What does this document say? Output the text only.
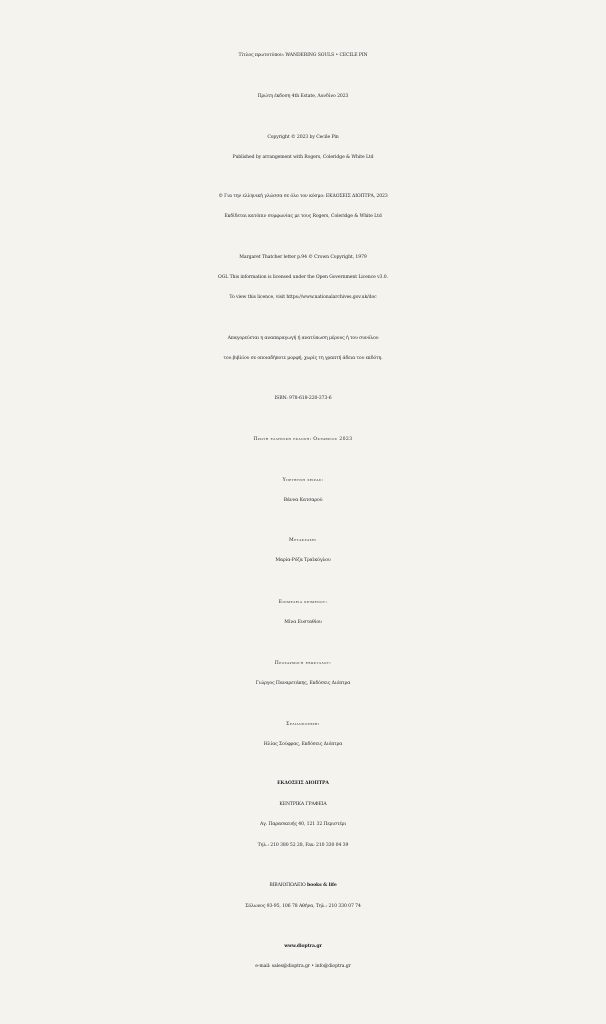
Τίτλος πρωτοτύπου: WANDERING SOULS • CECILE PIN
Πρώτη έκδοση 4th Estate, Λονδίνο 2023
Copyright © 2023 by Cecile Pin
Published by arrangement with Rogers, Coleridge & White Ltd
© Για την ελληνική γλώσσα σε όλο τον κόσμο: ΕΚΔΟΣΕΙΣ ΔΙΟΠΤΡΑ, 2023
Εκδίδεται κατόπιν συμφωνίας με τους Rogers, Coleridge & White Ltd
Margaret Thatcher letter p.94 © Crown Copyright, 1979
OGL This information is licensed under the Open Government Licence v3.0.
To view this licence, visit https://www.nationalarchives.gov.uk/doc
Απαγορεύεται η αναπαραγωγή ή ανατύπωση μέρους ή του συνόλου
του βιβλίου σε οποιαδήποτε μορφή, χωρίς τη γραπτή άδεια του εκδότη.
ISBN: 978-618-220-373-6
Πρωτη ελληνικη εκδοση: Οκτωβριος 2023
Υπευθυνη σειρας:
Βάννα Κατσαρού
Μεταφραση:
Μαρία-Ρόζα Τραϊκόγλου
Επιμελεια κειμενου:
Μίνα Ευσταθίου
Προσαρμογη εξωφυλλου:
Γιώργος Παναρετάκης, Εκδόσεις Διόπτρα
Σελιδοποιηση:
Ηλίας Σούφρας, Εκδόσεις Διόπτρα
ΕΚΔΟΣΕΙΣ ΔΙΟΠΤΡΑ
ΚΕΝΤΡΙΚΑ ΓΡΑΦΕΙΑ
Αγ. Παρασκευής 40, 121 32 Περιστέρι
Τηλ.: 210 380 52 28, Fax: 210 330 04 39
ΒΙΒΛΙΟΠΩΛΕΙΟ books & life
Σόλωνος 93-95, 106 78 Αθήνα, Τηλ.: 210 330 07 74
www.dioptra.gr
e-mail: sales@dioptra.gr • info@dioptra.gr
